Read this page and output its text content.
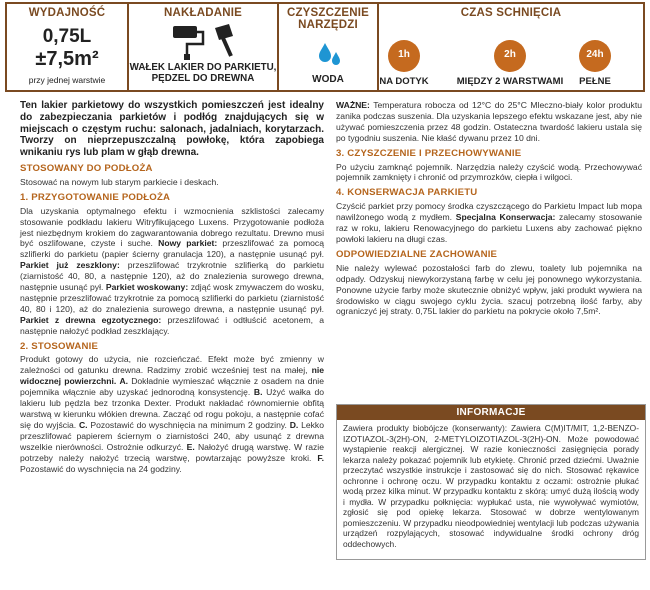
WYDAJNOŚĆ
0,75L
±7,5m²
przy jednej warstwie
NAKŁADANIE
WAŁEK LAKIER DO PARKIETU, PĘDZEL DO DREWNA
CZYSZCZENIE NARZĘDZI
WODA
CZAS SCHNIĘCIA
1h
NA DOTYK
2h
MIĘDZY 2 WARSTWAMI
24h
PEŁNE

Ten lakier parkietowy do wszystkich pomieszczeń jest idealny do zabezpieczania parkietów i podłóg znajdujących się w miejscach o częstym ruchu: salonach, jadalniach, korytarzach. Tworzy on nieprzepuszczalną powłokę, która zapobiega wnikaniu rys lub plam w głąb drewna.

STOSOWANY DO PODŁOŻA

Stosować na nowym lub starym parkiecie i deskach.

1. PRZYGOTOWANIE PODŁOŻA

Dla uzyskania optymalnego efektu i wzmocnienia szklistości zalecamy stosowanie podkładu lakieru Witryfikującego Luxens. Przygotowanie podłoża jest niezbędnym krokiem do zagwarantowania dobrego rezultatu. Drewno musi być oszlifowane, czyste i suche. Nowy parkiet: przeszlifować za pomocą szlifierki do parkietu (papier ścierny granulacja 120), a następnie usunąć pył. Parkiet już zeszklony: przeszlifować trzykrotnie szlifierką do parkietu (ziarnistość 40, 80, a następnie 120), aż do znalezienia surowego drewna, następnie usunąć pył. Parkiet woskowany: zdjąć wosk zmywaczem do wosku, następnie przeszlifować trzykrotnie za pomocą szlifierki do parkietu (ziarnistość 40, 80 i 120), aż do znalezienia surowego drewna, a następnie usunąć pył. Parkiet z drewna egzotycznego: przeszlifować i odtłuścić acetonem, a następnie nałożyć podkład zeszklający.

2. STOSOWANIE

Produkt gotowy do użycia, nie rozcieńczać. Efekt może być zmienny w zależności od gatunku drewna. Radzimy zrobić wcześniej test na małej, nie widocznej powierzchni. A. Dokładnie wymieszać włącznie z osadem na dnie pojemnika włącznie aby uzyskać jednorodną konsystencję. B. Użyć wałka do lakieru lub pędzla bez trzonka Dexter. Produkt nakładać równomiernie obfitą warstwą w kierunku włókien drewna. Zacząć od rogu pokoju, a następnie cofać się do wyjścia. C. Pozostawić do wyschnięcia na minimum 2 godziny. D. Lekko przeszlifować papierem ściernym o ziarnistości 240, aby usunąć z drewna wszelkie nierówności. Ostrożnie odkurzyć. E. Nałożyć drugą warstwę. W razie potrzeby należy nałożyć trzecią warstwę, powtarzając powyższe kroki. F. Pozostawić do wyschnięcia na 24 godziny.

WAŻNE: Temperatura robocza od 12°C do 25°C Mleczno-biały kolor produktu zanika podczas suszenia. Dla uzyskania lepszego efektu wskazane jest, aby nie używać pomieszczenia przez 48 godzin. Ostateczna twardość lakieru ustala się po tygodniu suszenia. Nie kłaść dywanu przez 10 dni.

3. CZYSZCZENIE I PRZECHOWYWANIE

Po użyciu zamknąć pojemnik. Narzędzia należy czyścić wodą. Przechowywać pojemnik zamknięty i chronić od przymrozków, ciepła i wilgoci.

4. KONSERWACJA PARKIETU

Czyścić parkiet przy pomocy środka czyszczącego do Parkietu Impact lub mopa nawilżonego wodą z mydłem. Specjalna Konserwacja: zalecamy stosowanie raz w roku, lakieru Renowacyjnego do parkietu Luxens aby zachować piękno powłoki lakieru na długi czas.

ODPOWIEDZIALNE ZACHOWANIE

Nie należy wylewać pozostałości farb do zlewu, toalety lub pojemnika na odpady. Odzyskuj niewykorzystaną farbę w celu jej ponownego wykorzystania. Ponowne użycie farby może skutecznie obniżyć wpływ, jaki produkt wywiera na środowisko w ciągu swojego cyklu życia. szacuj potrzebną ilość farby, aby ograniczyć jej straty. 0,75L lakier do parkietu na pokrycie około 7,5m².

INFORMACJE
Zawiera produkty biobójcze (konserwanty): Zawiera C(M)IT/MIT, 1,2-BENZO-IZOTIAZOL-3(2H)-ON, 2-METYLOIZOTIAZOL-3(2H)-ON. Może powodować wystąpienie reakcji alergicznej. W razie konieczności zasięgnięcia porady lekarza należy pokazać pojemnik lub etykietę. Chronić przed dziećmi. Uważnie przeczytać wszystkie instrukcje i zastosować się do nich. Stosować rękawice ochronne i ochronę oczu. W przypadku kontaktu z oczami: ostrożnie płukać wodą przez kilka minut. W przypadku kontaktu z skórą: umyć dużą ilością wody i mydła. W przypadku połknięcia: wypłukać usta, nie wywoływać wymiotów, zgłosić się pod opiekę lekarza. Stosować w dobrze wentylowanym pomieszczeniu. W przypadku nieodpowiedniej wentylacji lub podczas używania urządzeń rozpylających, stosować indywidualne środki ochrony dróg oddechowych.
